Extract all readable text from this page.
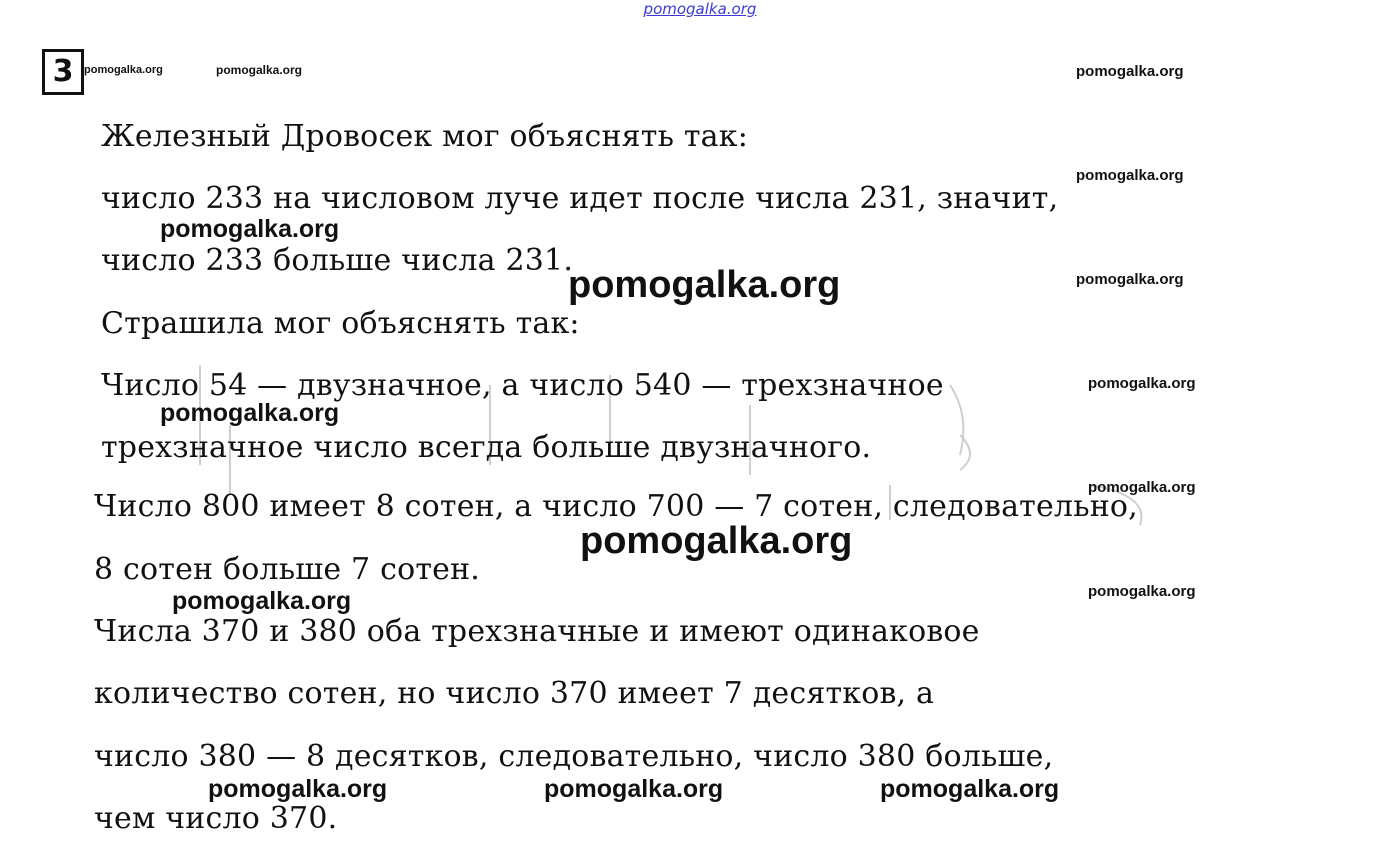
pomogalka.org
3
Железный Дровосек мог объяснять так:
число 233 на числовом луче идет после числа 231, значит,
число 233 больше числа 231.
Страшила мог объяснять так:
Число 54 — двузначное, а число 540 — трехзначное
трехзначное число всегда больше двузначного.
Число 800 имеет 8 сотен, а число 700 — 7 сотен, следовательно,
8 сотен больше 7 сотен.
Числа 370 и 380 оба трехзначные и имеют одинаковое
количество сотен, но число 370 имеет 7 десятков, а
число 380 — 8 десятков, следовательно, число 380 больше,
чем число 370.
pomogalka.org	pomogalka.org	pomogalka.org
pomogalka.org
pomogalka.org
pomogalka.org	pomogalka.org
pomogalka.org
pomogalka.org
pomogalka.org
pomogalka.org
pomogalka.org
pomogalka.org
pomogalka.org	pomogalka.org	pomogalka.org
